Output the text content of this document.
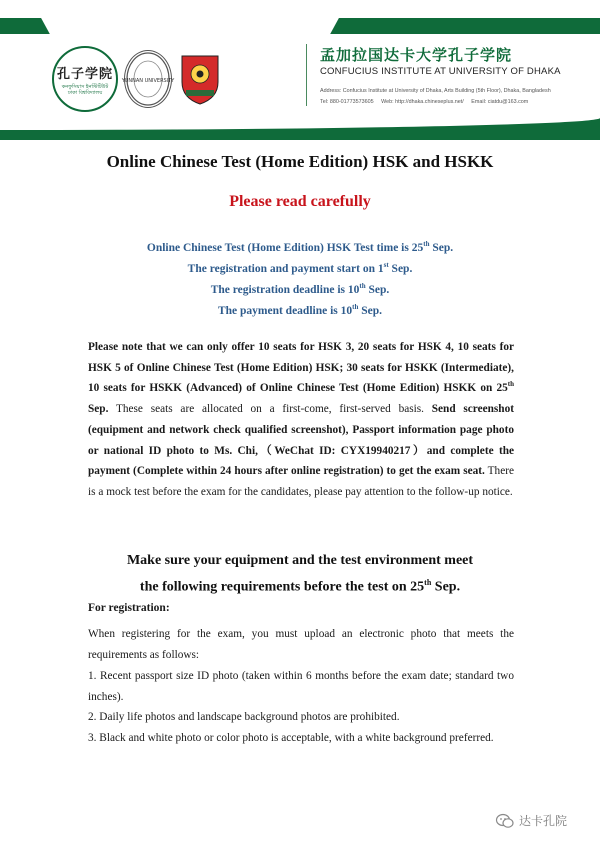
孔子学院
কনফুসিয়াস ইনস্টিটিউট ঢাকা বিশ্ববিদ্যালয়
YUNNAN UNIVERSITY
孟加拉国达卡大学孔子学院
CONFUCIUS INSTITUTE AT UNIVERSITY OF DHAKA
Address: Confucius Institute at University of Dhaka, Arts Building (5th Floor), Dhaka, Bangladesh
Tel: 880-01773573605 Web: http://dhaka.chineseplus.net/ Email: ciatdu@163.com
Online Chinese Test (Home Edition) HSK and HSKK
Please read carefully
Online Chinese Test (Home Edition) HSK Test time is 25th Sep.
The registration and payment start on 1st Sep.
The registration deadline is 10th Sep.
The payment deadline is 10th Sep.
Please note that we can only offer 10 seats for HSK 3, 20 seats for HSK 4, 10 seats for HSK 5 of Online Chinese Test (Home Edition) HSK; 30 seats for HSKK (Intermediate), 10 seats for HSKK (Advanced) of Online Chinese Test (Home Edition) HSKK on 25th Sep. These seats are allocated on a first-come, first-served basis. Send screenshot (equipment and network check qualified screenshot), Passport information page photo or national ID photo to Ms. Chi,（WeChat ID: CYX19940217）and complete the payment (Complete within 24 hours after online registration) to get the exam seat. There is a mock test before the exam for the candidates, please pay attention to the follow-up notice.
Make sure your equipment and the test environment meet
the following requirements before the test on 25th Sep.
For registration:
When registering for the exam, you must upload an electronic photo that meets the requirements as follows:
1. Recent passport size ID photo (taken within 6 months before the exam date; standard two inches).
2. Daily life photos and landscape background photos are prohibited.
3. Black and white photo or color photo is acceptable, with a white background preferred.
达卡孔院
